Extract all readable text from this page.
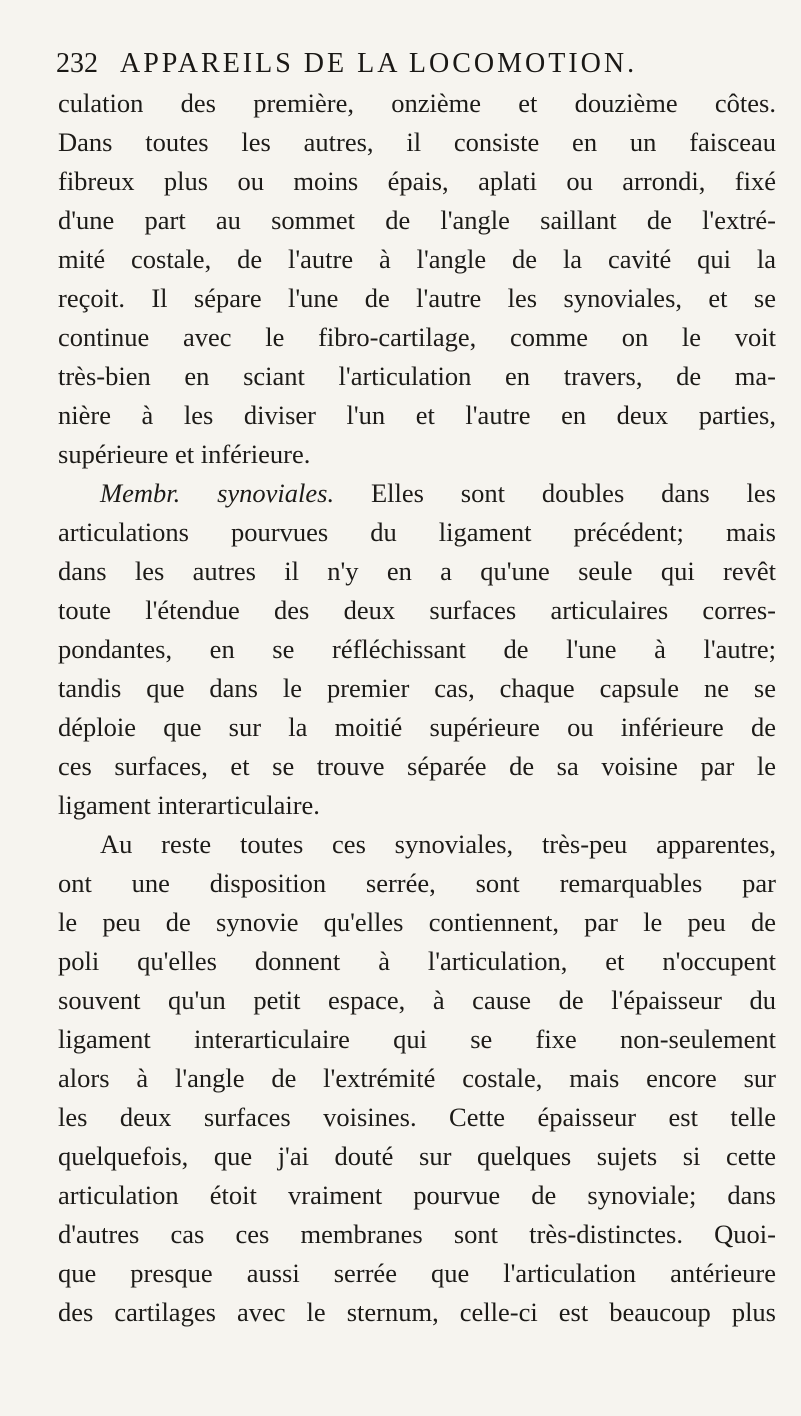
232 APPAREILS DE LA LOCOMOTION.
culation des première, onzième et douzième côtes.
Dans toutes les autres, il consiste en un faisceau
fibreux plus ou moins épais, aplati ou arrondi, fixé
d'une part au sommet de l'angle saillant de l'extré-
mité costale, de l'autre à l'angle de la cavité qui la
reçoit. Il sépare l'une de l'autre les synoviales, et se
continue avec le fibro-cartilage, comme on le voit
très-bien en sciant l'articulation en travers, de ma-
nière à les diviser l'un et l'autre en deux parties,
supérieure et inférieure.
Membr. synoviales. Elles sont doubles dans les
articulations pourvues du ligament précédent; mais
dans les autres il n'y en a qu'une seule qui revêt
toute l'étendue des deux surfaces articulaires corres-
pondantes, en se réfléchissant de l'une à l'autre;
tandis que dans le premier cas, chaque capsule ne se
déploie que sur la moitié supérieure ou inférieure de
ces surfaces, et se trouve séparée de sa voisine par le
ligament interarticulaire.
Au reste toutes ces synoviales, très-peu apparentes,
ont une disposition serrée, sont remarquables par
le peu de synovie qu'elles contiennent, par le peu de
poli qu'elles donnent à l'articulation, et n'occupent
souvent qu'un petit espace, à cause de l'épaisseur du
ligament interarticulaire qui se fixe non-seulement
alors à l'angle de l'extrémité costale, mais encore sur
les deux surfaces voisines. Cette épaisseur est telle
quelquefois, que j'ai douté sur quelques sujets si cette
articulation étoit vraiment pourvue de synoviale; dans
d'autres cas ces membranes sont très-distinctes. Quoi-
que presque aussi serrée que l'articulation antérieure
des cartilages avec le sternum, celle-ci est beaucoup plus
